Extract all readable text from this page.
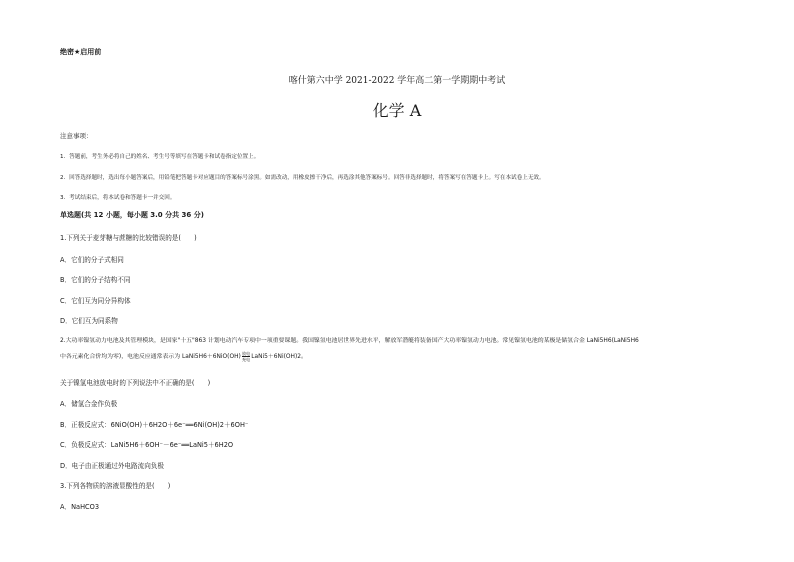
绝密★启用前
喀什第六中学 2021-2022 学年高二第一学期期中考试
化学 A
注意事项：
1．答题前，考生务必将自己的姓名、考生号等填写在答题卡和试卷指定位置上。
2．回答选择题时，选出每小题答案后，用铅笔把答题卡对应题目的答案标号涂黑。如需改动，用橡皮擦干净后，再选涂其他答案标号。回答非选择题时，将答案写在答题卡上。写在本试卷上无效。
3．考试结束后，将本试卷和答题卡一并交回。
单选题(共 12 小题，每小题 3.0 分共 36 分)
1.下列关于麦芽糖与蔗糖的比较错误的是(　　)
A．它们的分子式相同
B．它们的分子结构不同
C．它们互为同分异构体
D．它们互为同系物
2.大功率镍氢动力电池及其管理模块，是国家"十五"863 计划电动汽车专项中一项重要课题。我国镍氢电池居世界先进水平，解放军潜艇将装备国产大功率镍氢动力电池。常见镍氢电池的某极是储氢合金 LaNi5H6(LaNi5H6
中各元素化合价均为零)，电池反应通常表示为 LaNi5H6＋6NiO(OH)
放电
充电 LaNi5＋6Ni(OH)2。
关于镍氢电池放电时的下列说法中不正确的是(　　)
A．储氢合金作负极
B．正极反应式：6NiO(OH)＋6H2O＋6e⁻══6Ni(OH)2＋6OH⁻
C．负极反应式：LaNi5H6＋6OH⁻－6e⁻══LaNi5＋6H2O
D．电子由正极通过外电路流向负极
3.下列各物质的溶液显酸性的是(　　)
A．NaHCO3
